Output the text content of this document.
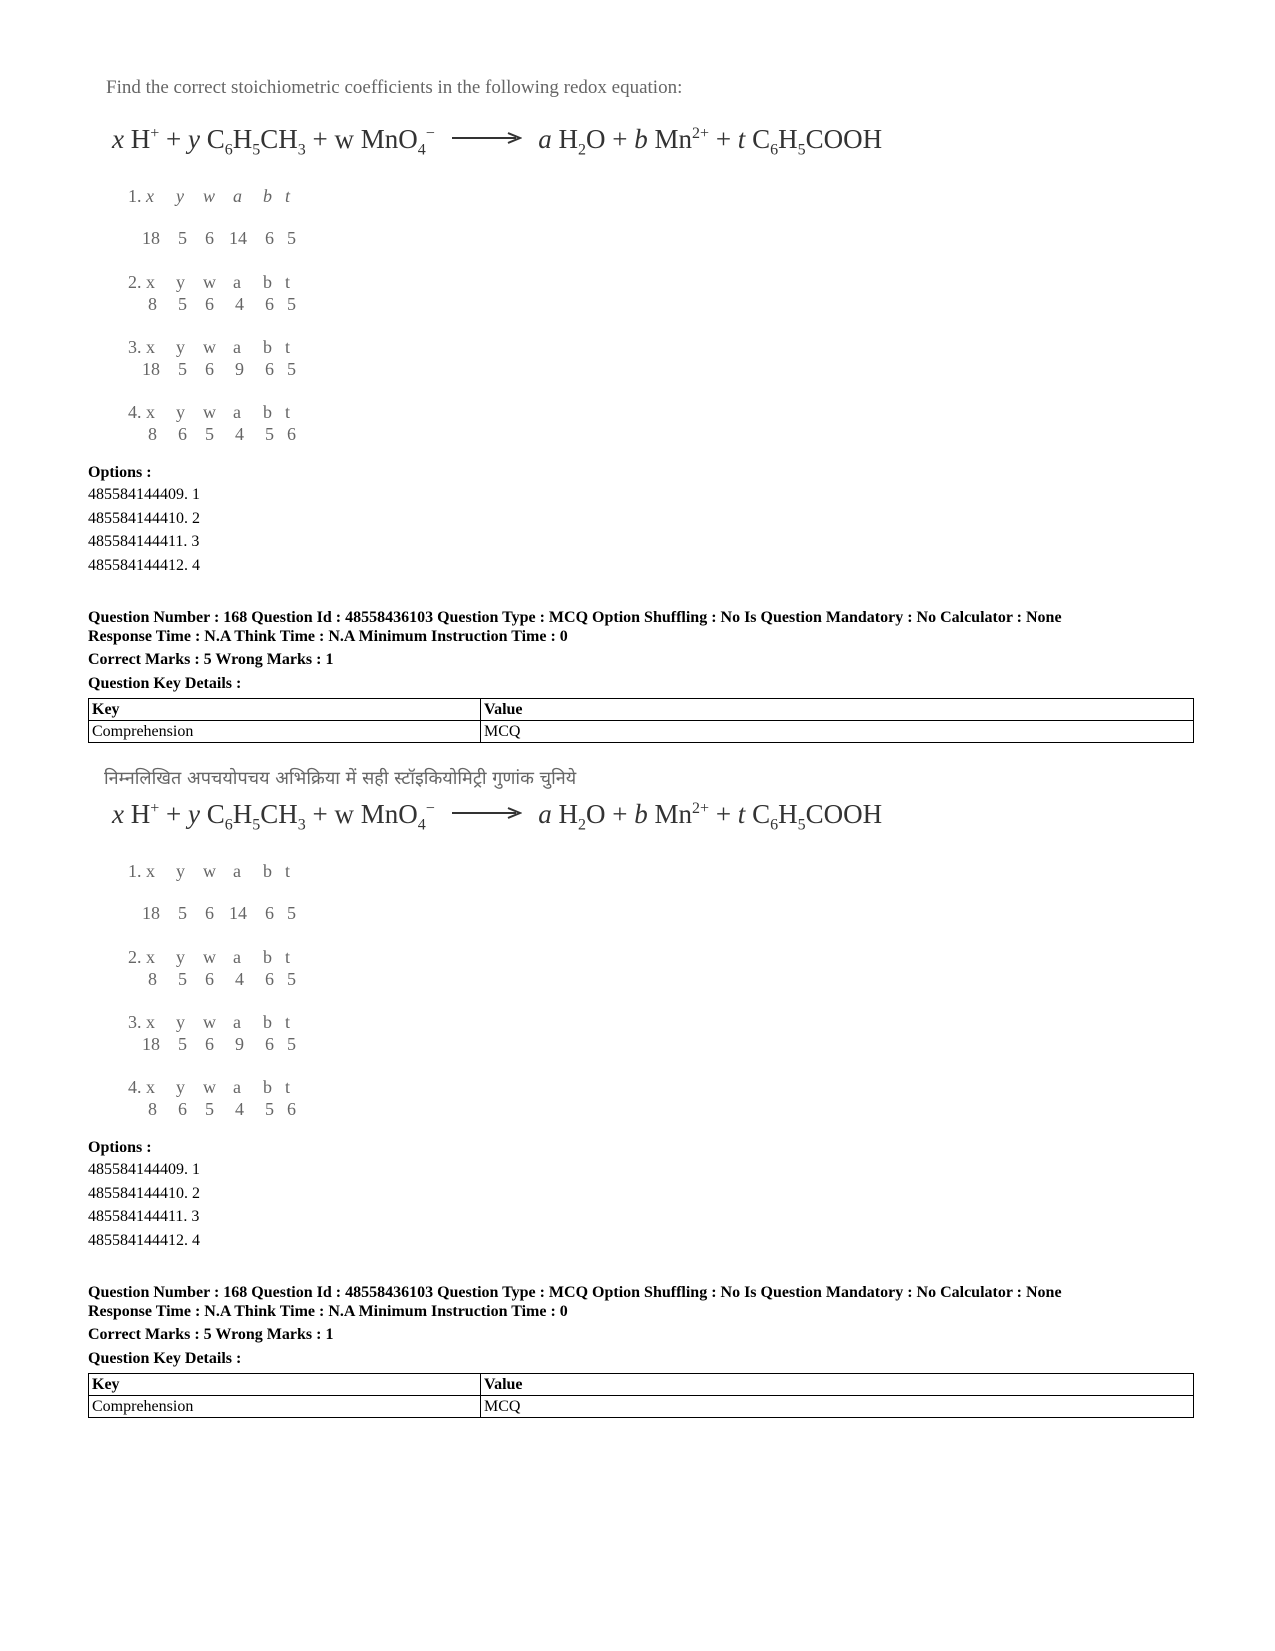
Find the correct stoichiometric coefficients in the following redox equation:
x H+ + y $C_6H_5CH_3 + w$ MnO$_4$− → a $H_2O + b$ $Mn^{2+} + t$ $C_6H_5COOH$
1. x y w a b t
18 5 6 14 6 5
2. x y w a b t
8 5 6 4 6 5
3. x y w a b t
18 5 6 9 6 5
4. x y w a b t
8 6 5 4 5 6
Options :
485584144409. 1
485584144410. 2
485584144411. 3
485584144412. 4
Question Number : 168 Question Id : 48558436103 Question Type : MCQ Option Shuffling : No Is Question Mandatory : No Calculator : None
Response Time : N.A Think Time : N.A Minimum Instruction Time : 0
Correct Marks : 5 Wrong Marks : 1
Question Key Details :
Key	Value
Comprehension	MCQ
निम्नलिखित अपचयोपचय अभिक्रिया में सही स्टॉइकियोमिट्री गुणांक चुनिये
x H+ + y $C_6H_5CH_3 + w$ MnO$_4$− → a $H_2O + b$ $Mn^{2+} + t$ $C_6H_5COOH$
1. x y w a b t
18 5 6 14 6 5
2. x y w a b t
8 5 6 4 6 5
3. x y w a b t
18 5 6 9 6 5
4. x y w a b t
8 6 5 4 5 6
Options :
485584144409. 1
485584144410. 2
485584144411. 3
485584144412. 4
Question Number : 168 Question Id : 48558436103 Question Type : MCQ Option Shuffling : No Is Question Mandatory : No Calculator : None
Response Time : N.A Think Time : N.A Minimum Instruction Time : 0
Correct Marks : 5 Wrong Marks : 1
Question Key Details :
Key	Value
Comprehension	MCQ
